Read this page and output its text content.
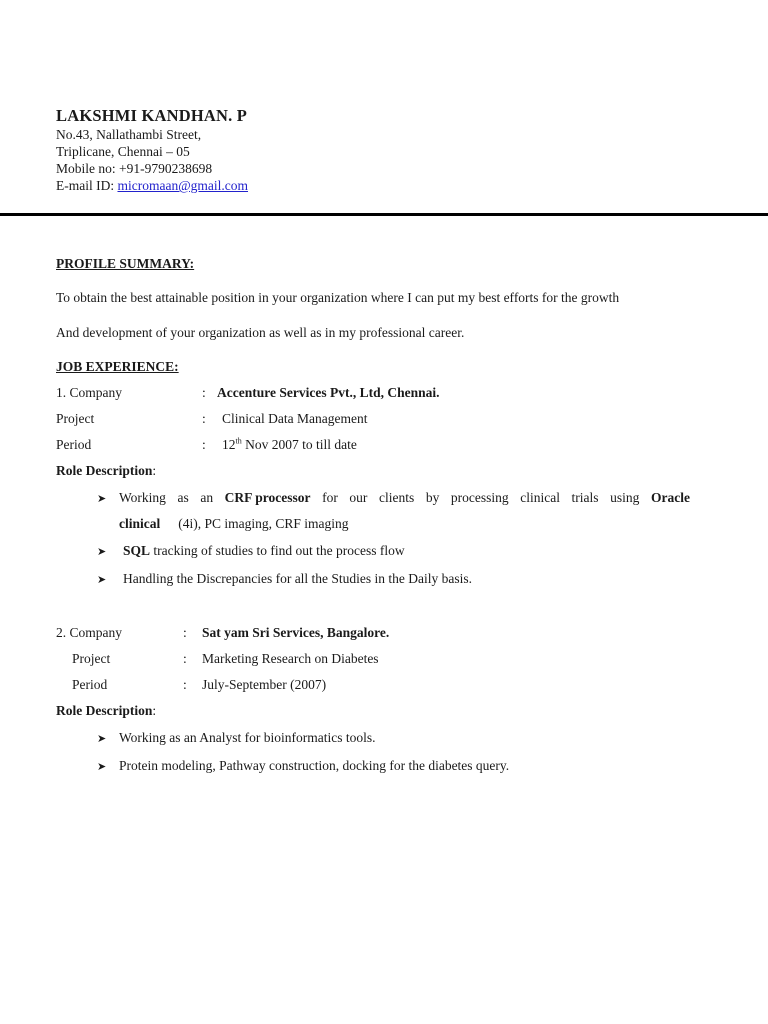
LAKSHMI KANDHAN. P
No.43, Nallathambi Street,
Triplicane, Chennai – 05
Mobile no: +91-9790238698
E-mail ID: micromaan@gmail.com
PROFILE SUMMARY:
To obtain the best attainable position in your organization where I can put my best efforts for the growth
And development of your organization as well as in my professional career.
JOB EXPERIENCE:
1. Company	: Accenture Services Pvt., Ltd, Chennai.
Project	: Clinical Data Management
Period	: 12th Nov 2007 to till date
Role Description:
➤ Working as an CRF processor for our clients by processing clinical trials using Oracle
clinical (4i), PC imaging, CRF imaging
➤ SQL tracking of studies to find out the process flow
➤ Handling the Discrepancies for all the Studies in the Daily basis.
2. Company	: Sat yam Sri Services, Bangalore.
Project	: Marketing Research on Diabetes
Period	: July-September (2007)
Role Description:
➤ Working as an Analyst for bioinformatics tools.
➤ Protein modeling, Pathway construction, docking for the diabetes query.
